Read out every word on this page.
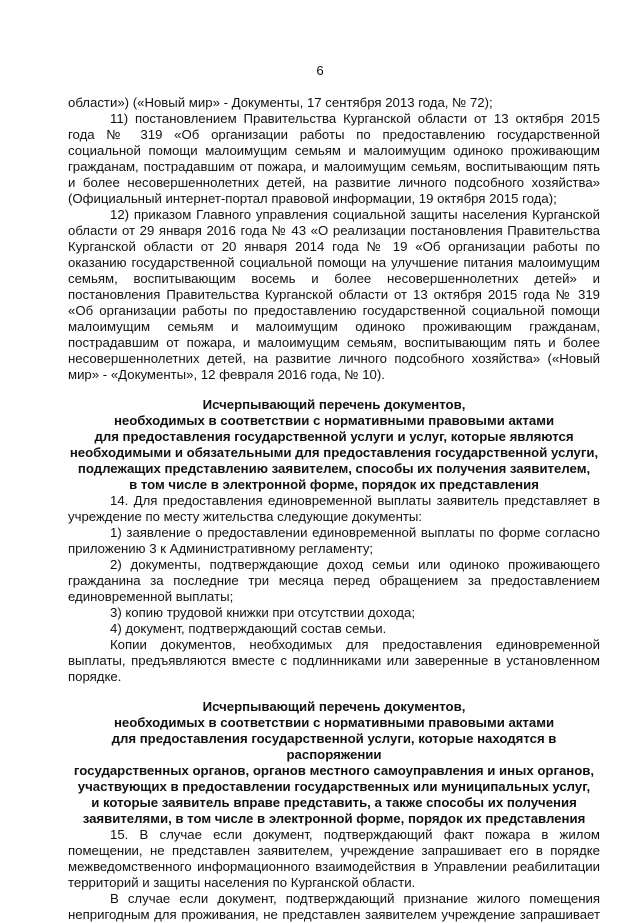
6

области») («Новый мир» - Документы, 17 сентября 2013 года, № 72);

11) постановлением Правительства Курганской области от 13 октября 2015 года № 319 «Об организации работы по предоставлению государственной социальной помощи малоимущим семьям и малоимущим одиноко проживающим гражданам, пострадавшим от пожара, и малоимущим семьям, воспитывающим пять и более несовершеннолетних детей, на развитие личного подсобного хозяйства» (Официальный интернет-портал правовой информации, 19 октября 2015 года);

12) приказом Главного управления социальной защиты населения Курганской области от 29 января 2016 года № 43 «О реализации постановления Правительства Курганской области от 20 января 2014 года № 19 «Об организации работы по оказанию государственной социальной помощи на улучшение питания малоимущим семьям, воспитывающим восемь и более несовершеннолетних детей» и постановления Правительства Курганской области от 13 октября 2015 года № 319 «Об организации работы по предоставлению государственной социальной помощи малоимущим семьям и малоимущим одиноко проживающим гражданам, пострадавшим от пожара, и малоимущим семьям, воспитывающим пять и более несовершеннолетних детей, на развитие личного подсобного хозяйства» («Новый мир» - «Документы», 12 февраля 2016 года, № 10).

Исчерпывающий перечень документов,
необходимых в соответствии с нормативными правовыми актами
для предоставления государственной услуги и услуг, которые являются
необходимыми и обязательными для предоставления государственной услуги,
подлежащих представлению заявителем, способы их получения заявителем,
в том числе в электронной форме, порядок их представления

14. Для предоставления единовременной выплаты заявитель представляет в учреждение по месту жительства следующие документы:

1) заявление о предоставлении единовременной выплаты по форме согласно приложению 3 к Административному регламенту;

2) документы, подтверждающие доход семьи или одиноко проживающего гражданина за последние три месяца перед обращением за предоставлением единовременной выплаты;

3) копию трудовой книжки при отсутствии дохода;

4) документ, подтверждающий состав семьи.

Копии документов, необходимых для предоставления единовременной выплаты, предъявляются вместе с подлинниками или заверенные в установленном порядке.

Исчерпывающий перечень документов,
необходимых в соответствии с нормативными правовыми актами
для предоставления государственной услуги, которые находятся в распоряжении
государственных органов, органов местного самоуправления и иных органов,
участвующих в предоставлении государственных или муниципальных услуг,
и которые заявитель вправе представить, а также способы их получения
заявителями, в том числе в электронной форме, порядок их представления

15. В случае если документ, подтверждающий факт пожара в жилом помещении, не представлен заявителем, учреждение запрашивает его в порядке межведомственного информационного взаимодействия в Управлении реабилитации территорий и защиты населения по Курганской области.

В случае если документ, подтверждающий признание жилого помещения непригодным для проживания, не представлен заявителем учреждение запрашивает
